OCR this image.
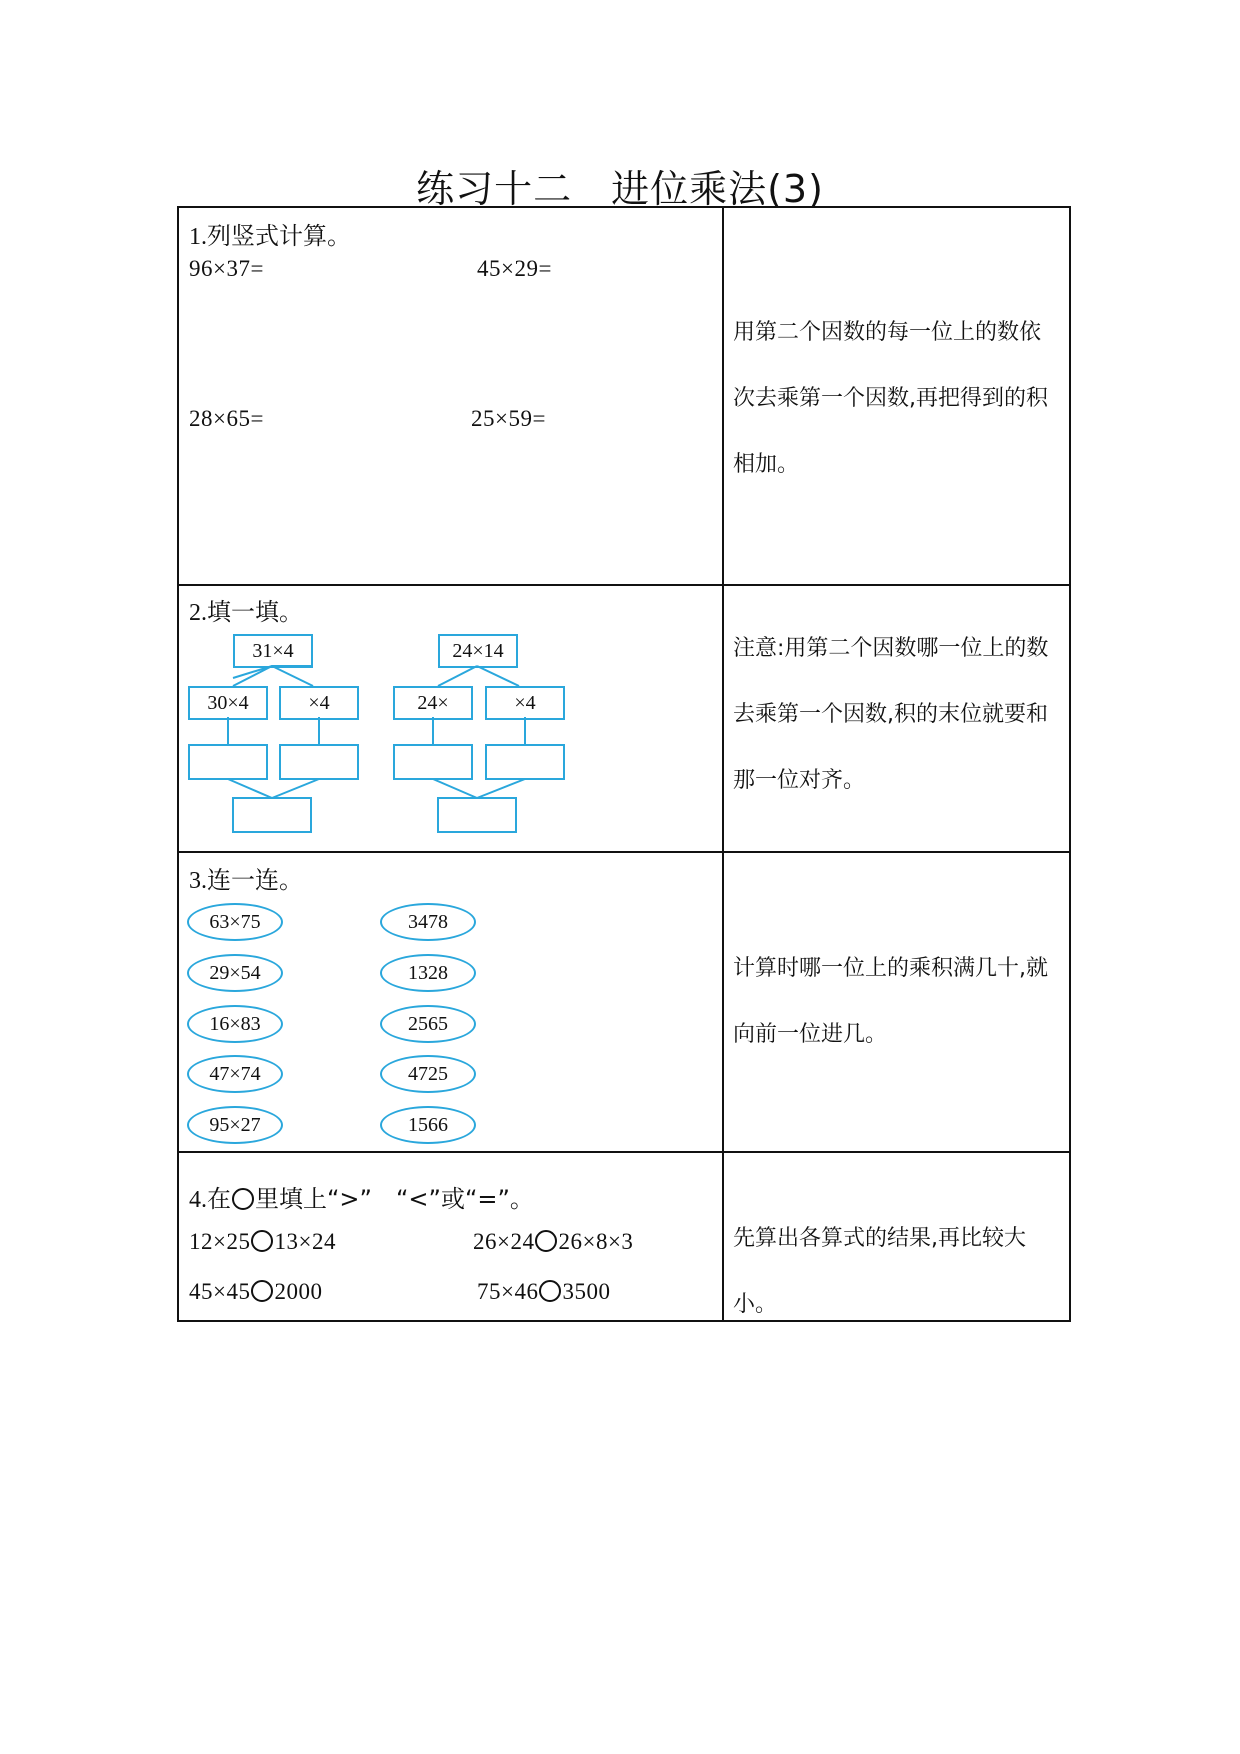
练习十二　进位乘法(3)
1.列竖式计算。
96×37=	45×29=
28×65=	25×59=
用第二个因数的每一位上的数依
次去乘第一个因数,再把得到的积
相加。
2.填一填。
31×4
30×4	×4
24×14
24×	×4
注意:用第二个因数哪一位上的数
去乘第一个因数,积的末位就要和
那一位对齐。
3.连一连。
63×75
29×54
16×83
47×74
95×27
3478
1328
2565
4725
1566
计算时哪一位上的乘积满几十,就
向前一位进几。
4.在 里填上“>”　“<”或“=”。
12×25 13×24	26×24 26×8×3
45×45 2000	75×46 3500
先算出各算式的结果,再比较大小。
